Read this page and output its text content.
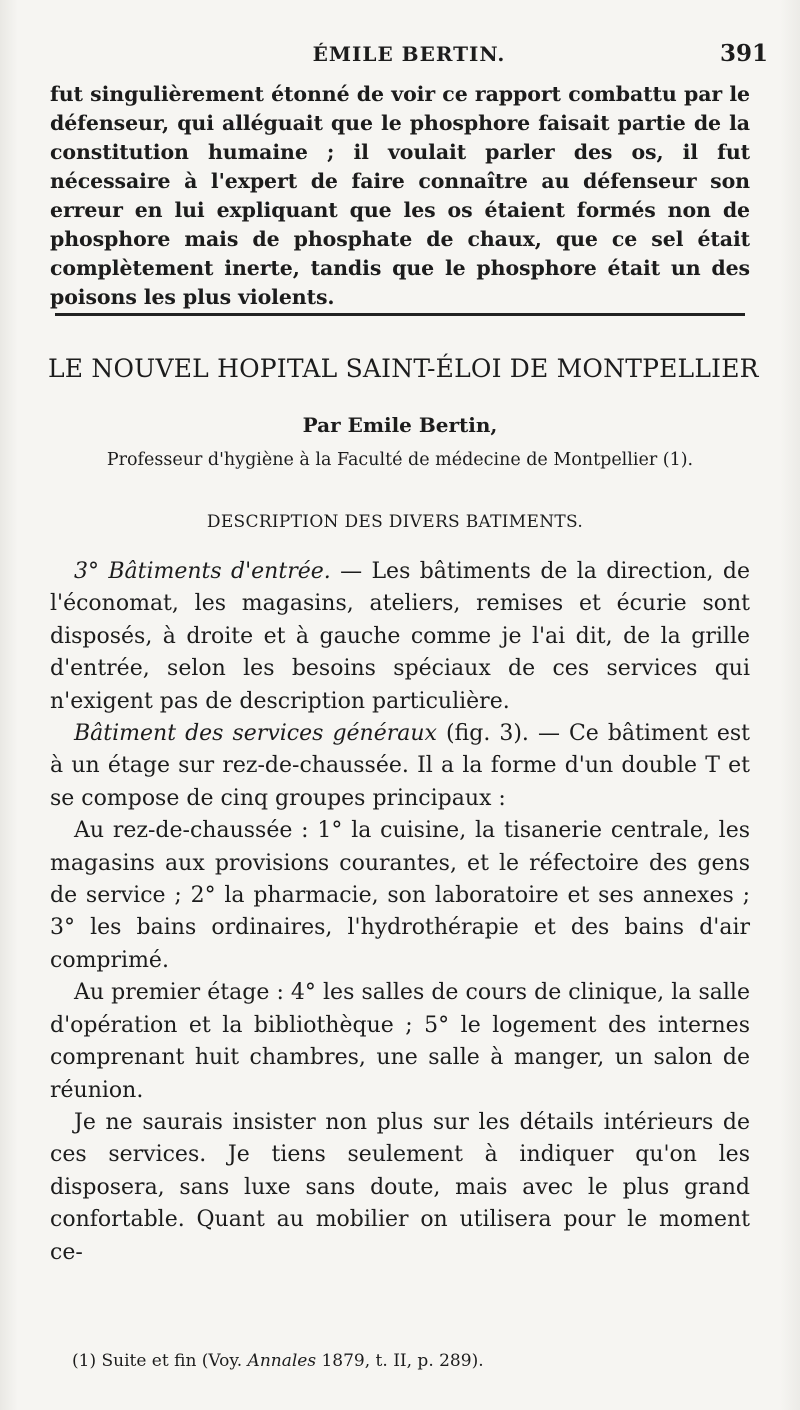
ÉMILE BERTIN.	391
fut singulièrement étonné de voir ce rapport combattu par le défenseur, qui alléguait que le phosphore faisait partie de la constitution humaine ; il voulait parler des os, il fut nécessaire à l'expert de faire connaître au défenseur son erreur en lui expliquant que les os étaient formés non de phosphore mais de phosphate de chaux, que ce sel était complètement inerte, tandis que le phosphore était un des poisons les plus violents.
LE NOUVEL HOPITAL SAINT-ÉLOI DE MONTPELLIER
Par Emile Bertin,
Professeur d'hygiène à la Faculté de médecine de Montpellier (1).
DESCRIPTION DES DIVERS BATIMENTS.

3° Bâtiments d'entrée. — Les bâtiments de la direction, de l'économat, les magasins, ateliers, remises et écurie sont disposés, à droite et à gauche comme je l'ai dit, de la grille d'entrée, selon les besoins spéciaux de ces services qui n'exigent pas de description particulière.

Bâtiment des services généraux (fig. 3). — Ce bâtiment est à un étage sur rez-de-chaussée. Il a la forme d'un double T et se compose de cinq groupes principaux :

Au rez-de-chaussée : 1° la cuisine, la tisanerie centrale, les magasins aux provisions courantes, et le réfectoire des gens de service ; 2° la pharmacie, son laboratoire et ses annexes ; 3° les bains ordinaires, l'hydrothérapie et des bains d'air comprimé.

Au premier étage : 4° les salles de cours de clinique, la salle d'opération et la bibliothèque ; 5° le logement des internes comprenant huit chambres, une salle à manger, un salon de réunion.

Je ne saurais insister non plus sur les détails intérieurs de ces services. Je tiens seulement à indiquer qu'on les disposera, sans luxe sans doute, mais avec le plus grand confortable. Quant au mobilier on utilisera pour le moment ce-

(1) Suite et fin (Voy. Annales 1879, t. II, p. 289).
